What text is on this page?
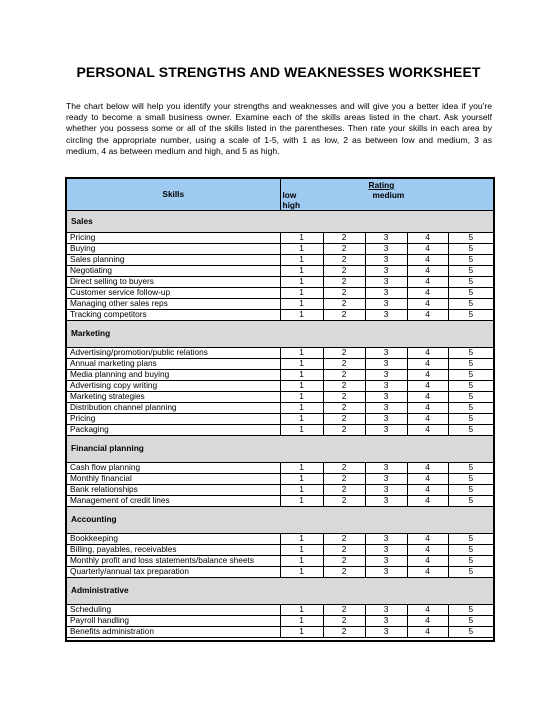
PERSONAL STRENGTHS AND WEAKNESSES WORKSHEET
The chart below will help you identify your strengths and weaknesses and will give you a better idea if you're ready to become a small business owner. Examine each of the skills areas listed in the chart. Ask yourself whether you possess some or all of the skills listed in the parentheses. Then rate your skills in each area by circling the appropriate number, using a scale of 1-5, with 1 as low, 2 as between low and medium, 3 as medium, 4 as between medium and high, and 5 as high.
Skills	Rating
low medium
high				

Sales					
Pricing	1	2	3	4	5
Buying	1	2	3	4	5
Sales planning	1	2	3	4	5
Negotiating	1	2	3	4	5
Direct selling to buyers	1	2	3	4	5
Customer service follow-up	1	2	3	4	5
Managing other sales reps	1	2	3	4	5
Tracking competitors	1	2	3	4	5
Marketing					
Advertising/promotion/public relations	1	2	3	4	5
Annual marketing plans	1	2	3	4	5
Media planning and buying	1	2	3	4	5
Advertising copy writing	1	2	3	4	5
Marketing strategies	1	2	3	4	5
Distribution channel planning	1	2	3	4	5
Pricing	1	2	3	4	5
Packaging	1	2	3	4	5
Financial planning					
Cash flow planning	1	2	3	4	5
Monthly financial	1	2	3	4	5
Bank relationships	1	2	3	4	5
Management of credit lines	1	2	3	4	5
Accounting					
Bookkeeping	1	2	3	4	5
Billing, payables, receivables	1	2	3	4	5
Monthly profit and loss statements/balance sheets	1	2	3	4	5
Quarterly/annual tax preparation	1	2	3	4	5
Administrative					
Scheduling	1	2	3	4	5
Payroll handling	1	2	3	4	5
Benefits administration	1	2	3	4	5
